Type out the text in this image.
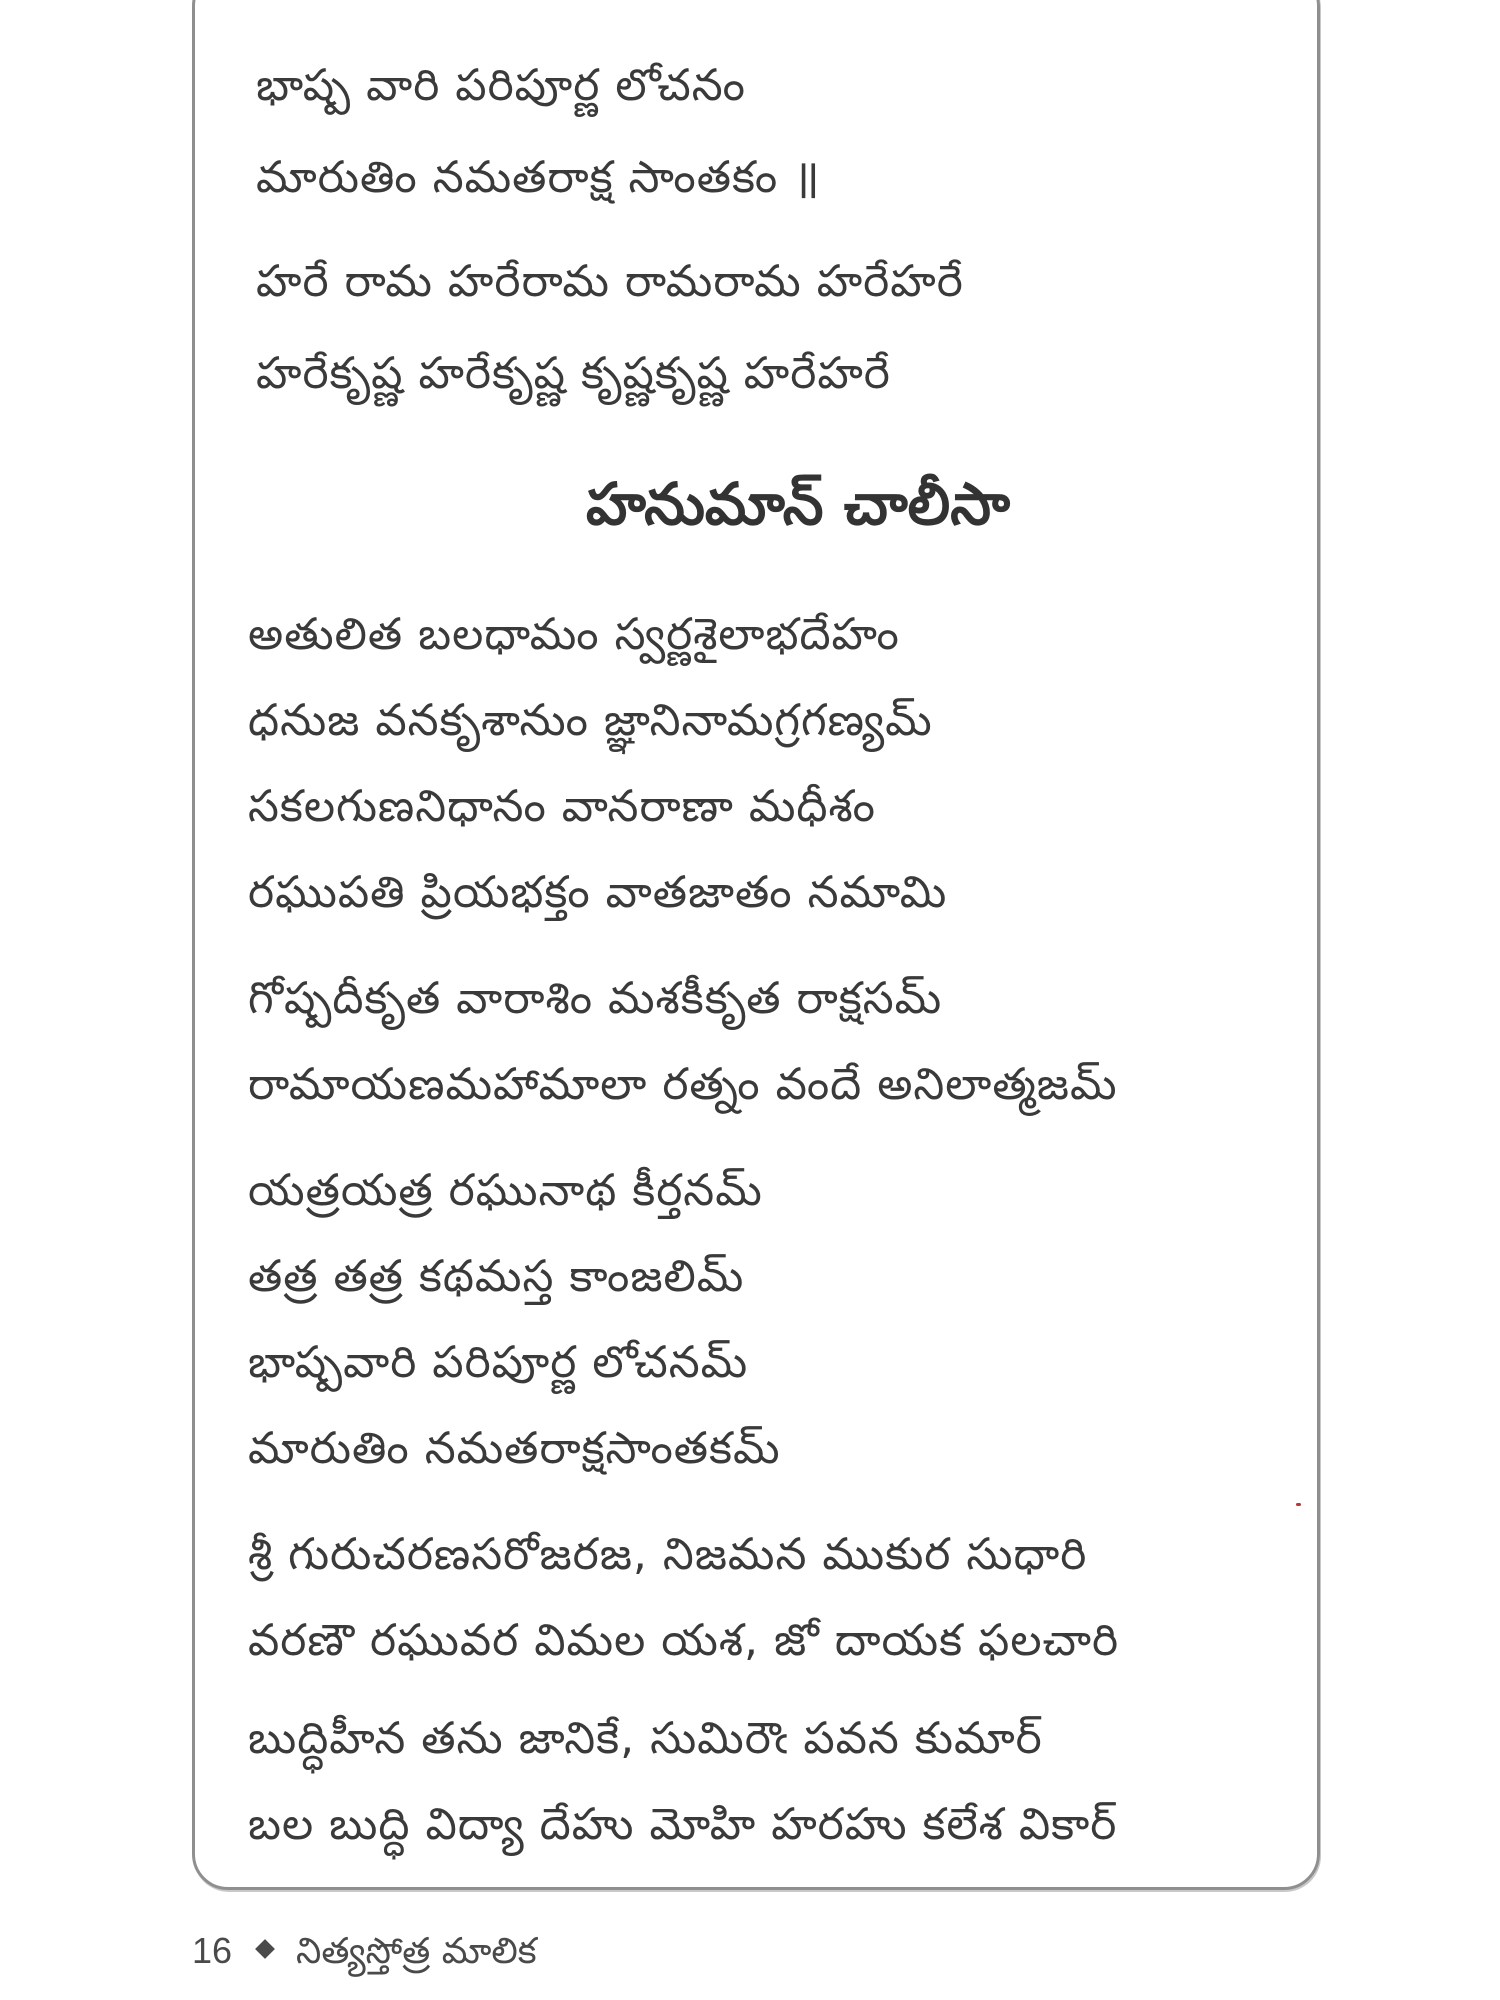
భాష్ప వారి పరిపూర్ణ లోచనం
మారుతిం నమతరాక్ష సాంతకం ॥
హరే రామ హరేరామ రామరామ హరేహరే
హరేకృష్ణ హరేకృష్ణ కృష్ణకృష్ణ హరేహరే
హనుమాన్ చాలీసా
అతులిత బలధామం స్వర్ణశైలాభదేహం
ధనుజ వనకృశానుం జ్ఞానినామగ్రగణ్యమ్
సకలగుణనిధానం వానరాణా మధీశం
రఘుపతి ప్రియభక్తం వాతజాతం నమామి
గోష్పదీకృత వారాశిం మశకీకృత రాక్షసమ్
రామాయణమహామాలా రత్నం వందే అనిలాత్మజమ్
యత్రయత్ర రఘునాథ కీర్తనమ్
తత్ర తత్ర కథమస్త కాంజలిమ్
భాష్పవారి పరిపూర్ణ లోచనమ్
మారుతిం నమతరాక్షసాంతకమ్
శ్రీ గురుచరణసరోజరజ, నిజమన ముకుర సుధారి
వరణౌ రఘువర విమల యశ, జో దాయక ఫలచారి
బుద్ధిహీన తను జానికే, సుమిరౌఁ పవన కుమార్
బల బుద్ధి విద్యా దేహు మోహి హరహు కలేశ వికార్
16 నిత్యస్తోత్ర మాలిక
